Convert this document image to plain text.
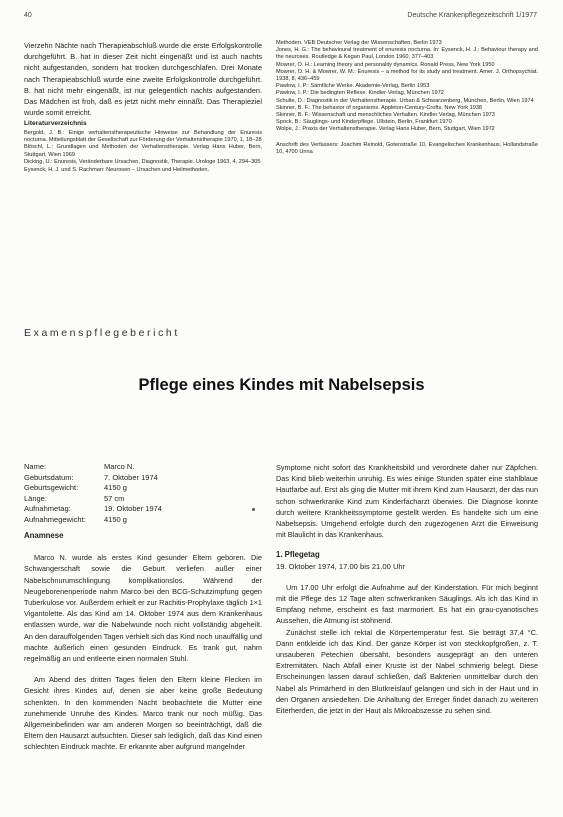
40	Deutsche Krankenpflegezeitschrift 1/1977

Vierzehn Nächte nach Therapieabschluß wurde die erste Erfolgskontrolle durchgeführt. B. hat in dieser Zeit nicht eingenäßt und ist auch nachts nicht aufgestanden, sondern hat trocken durchgeschlafen. Drei Monate nach Therapieabschluß wurde eine zweite Erfolgskontrolle durchgeführt. B. hat nicht mehr eingenäßt, ist nur gelegentlich nachts aufgestanden. Das Mädchen ist froh, daß es jetzt nicht mehr einnäßt. Das Therapieziel wurde somit erreicht.

Literaturverzeichnis

Bergold, J. B.: Einige verhaltenstherapeutische Hinweise zur Behandlung der Enuresis nocturna. Mitteilungsblatt der Gesellschaft zur Förderung der Verhaltenstherapie 1970, 1, 18–28

Blöschl, L.: Grundlagen und Methoden der Verhaltenstherapie. Verlag Hans Huber, Bern, Stuttgart, Wien 1969

Dicking, U.: Enuresis, Veränderbare Ursachen, Diagnostik, Therapie. Urologe 1963, 4, 294–305

Eysenck, H. J. und S. Rachman: Neurosen – Ursachen und Heilmethoden.

Methoden. VEB Deutscher Verlag der Wissenschaften, Berlin 1973

Jones, H. G.: The behavioural treatment of enuresis nocturna. In: Eysenck, H. J.: Behaviour therapy and the neuroses. Routledge & Kegan Paul, London 1960, 377–403

Mowrer, O. H.: Learning theory and personality dynamics. Ronald Press, New York 1950

Mowrer, O. H. & Mowrer, W. M.: Enuresis – a method for its study and treatment. Amer. J. Orthopsychiat. 1938, 8, 436–459

Pawlow, I. P.: Sämtliche Werke. Akademie-Verlag, Berlin 1953

Pawlow, I. P.: Die bedingten Reflexe. Kindler-Verlag, München 1972

Schulte, D.: Diagnostik in der Verhaltenstherapie. Urban & Schwarzenberg, München, Berlin, Wien 1974

Skinner, B. F.: The behavior of organisms. Appleton-Century-Crofts, New York 1938

Skinner, B. F.: Wissenschaft und menschliches Verhalten. Kindler Verlag, München 1973

Spock, B.: Säuglings- und Kinderpflege. Ullstein, Berlin, Frankfurt 1970

Wolpe, J.: Praxis der Verhaltenstherapie. Verlag Hans Huber, Bern, Stuttgart, Wien 1972

Anschrift des Verfassers: Joachim Reinold, Gotenstraße 10, Evangelisches Krankenhaus, Hollandstraße 10, 4700 Unna

Examenspflegebericht
Pflege eines Kindes mit Nabelsepsis
Name:	Marco N.
Geburtsdatum:	7. Oktober 1974
Geburtsgewicht:	4150 g
Länge:	57 cm
Aufnahmetag:	19. Oktober 1974
Aufnahmegewicht:	4150 g

Anamnese

Marco N. wurde als erstes Kind gesunder Eltern geboren. Die Schwangerschaft sowie die Geburt verliefen außer einer Nabelschnurumschlingung komplikationslos. Während der Neugeborenenperiode nahm Marco bei den BCG-Schutzimpfung gegen Tuberkulose vor. Außerdem erhielt er zur Rachitis-Prophylaxe täglich 1×1 Vigantolette. Als das Kind am 14. Oktober 1974 aus dem Krankenhaus entlassen wurde, war die Nabelwunde noch nicht vollständig abgeheilt. An den darauffolgenden Tagen verhielt sich das Kind noch unauffällig und machte äußerlich einen gesunden Eindruck. Es trank gut, nahm regelmäßig an und entleerte einen normalen Stuhl.

Am Abend des dritten Tages fielen den Eltern kleine Flecken im Gesicht ihres Kindes auf, denen sie aber keine große Bedeutung schenkten. In den kommenden Nacht beobachtete die Mutter eine zunehmende Unruhe des Kindes. Marco trank nur noch müßig. Das Allgemeinbefinden war am anderen Morgen so beeinträchtigt, daß die Eltern den Hausarzt aufsuchten. Dieser sah lediglich, daß das Kind einen schlechten Eindruck machte. Er erkannte aber aufgrund mangelnder

Symptome nicht sofort das Krankheitsbild und verordnete daher nur Zäpfchen. Das Kind blieb weiterhin unruhig. Es wies einige Stunden später eine stahlblaue Hautfarbe auf. Erst als ging die Mutter mit ihrem Kind zum Hausarzt, der das nun schon schwerkranke Kind zum Kinderfacharzt überwies. Die Diagnose konnte durch weitere Krankheitssymptome gestellt werden. Es handelte sich um eine Nabelsepsis. Umgehend erfolgte durch den zugezogenen Arzt die Einweisung mit Blaulicht in das Krankenhaus.

1. Pflegetag

19. Oktober 1974, 17.00 bis 21.00 Uhr

Um 17.00 Uhr erfolgt die Aufnahme auf der Kinderstation. Für mich beginnt mit die Pflege des 12 Tage alten schwerkranken Säuglings. Als ich das Kind in Empfang nehme, erscheint es fast marmoriert. Es hat ein grau-cyanotisches Aussehen, die Atmung ist stöhnend.

Zunächst stelle ich rektal die Körpertemperatur fest. Sie beträgt 37,4 °C. Dann entkleide ich das Kind. Der ganze Körper ist von steckkopfgroßen, z. T. unsauberen Petechien übersäht, besonders ausgeprägt an den unteren Extremitäten. Nach Abfall einer Kruste ist der Nabel schmierig belegt. Diese Erscheinungen lassen darauf schließen, daß Bakterien unmittelbar durch den Nabel als Primärherd in den Blutkreislauf gelangen und sich in der Haut und in den Organen ansiedelten. Die Anhaltung der Erreger findet danach zu weiteren Eiterherden, die jetzt in der Haut als Mikroabszesse zu sehen sind.
